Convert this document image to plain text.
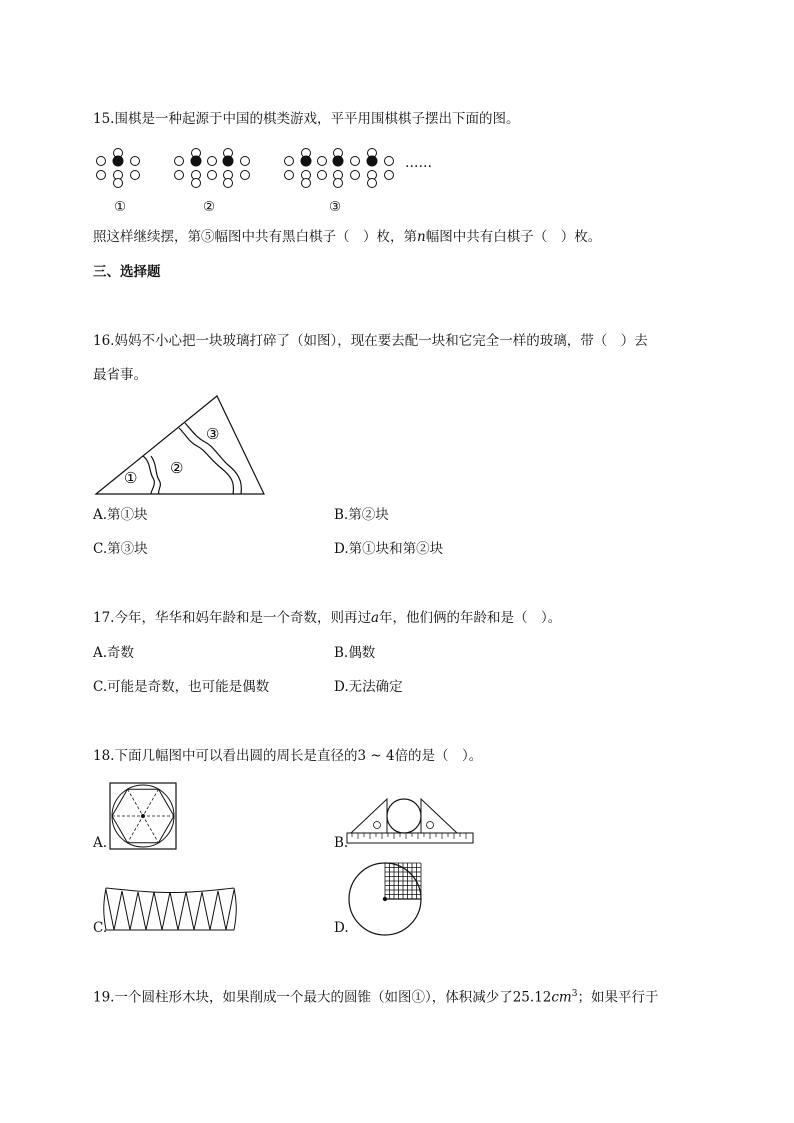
15.围棋是一种起源于中国的棋类游戏，平平用围棋棋子摆出下面的图。
……
①	②	③
照这样继续摆，第⑤幅图中共有黑白棋子（　）枚，第n幅图中共有白棋子（　）枚。
三、选择题
16.妈妈不小心把一块玻璃打碎了（如图），现在要去配一块和它完全一样的玻璃，带（　）去
最省事。
①
②
③
A.第①块	B.第②块
C.第③块	D.第①块和第②块
17.今年，华华和妈年龄和是一个奇数，则再过a年，他们俩的年龄和是（　）。
A.奇数	B.偶数
C.可能是奇数，也可能是偶数	D.无法确定
18.下面几幅图中可以看出圆的周长是直径的3 ~ 4倍的是（　）。
A.	B.
C.	D.
19.一个圆柱形木块，如果削成一个最大的圆锥（如图①），体积减少了$25.12cm^3$；如果平行于
